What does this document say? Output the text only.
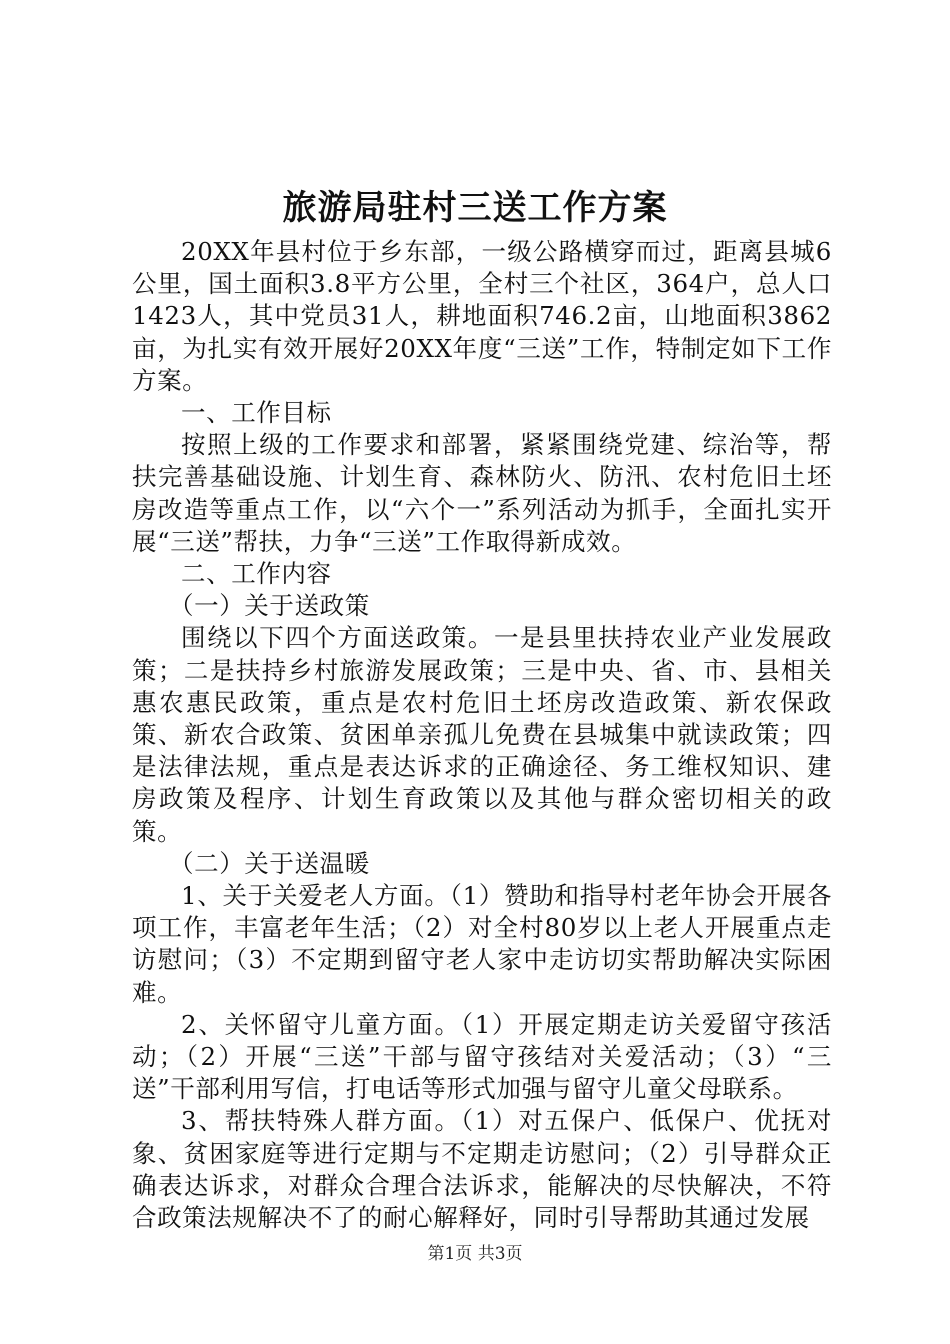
旅游局驻村三送工作方案

20XX年县村位于乡东部，一级公路横穿而过，距离县城6公里，国土面积3.8平方公里，全村三个社区，364户，总人口1423人，其中党员31人，耕地面积746.2亩，山地面积3862亩，为扎实有效开展好20XX年度“三送”工作，特制定如下工作方案。

一、工作目标

按照上级的工作要求和部署，紧紧围绕党建、综治等，帮扶完善基础设施、计划生育、森林防火、防汛、农村危旧土坯房改造等重点工作，以“六个一”系列活动为抓手，全面扎实开展“三送”帮扶，力争“三送”工作取得新成效。

二、工作内容

（一）关于送政策

围绕以下四个方面送政策。一是县里扶持农业产业发展政策；二是扶持乡村旅游发展政策；三是中央、省、市、县相关惠农惠民政策，重点是农村危旧土坯房改造政策、新农保政策、新农合政策、贫困单亲孤儿免费在县城集中就读政策；四是法律法规，重点是表达诉求的正确途径、务工维权知识、建房政策及程序、计划生育政策以及其他与群众密切相关的政策。

（二）关于送温暖

1、关于关爱老人方面。（1）赞助和指导村老年协会开展各项工作，丰富老年生活；（2）对全村80岁以上老人开展重点走访慰问；（3）不定期到留守老人家中走访切实帮助解决实际困难。

2、关怀留守儿童方面。（1）开展定期走访关爱留守孩活动；（2）开展“三送”干部与留守孩结对关爱活动；（3）“三送”干部利用写信，打电话等形式加强与留守儿童父母联系。

3、帮扶特殊人群方面。（1）对五保户、低保户、优抚对象、贫困家庭等进行定期与不定期走访慰问；（2）引导群众正确表达诉求，对群众合理合法诉求，能解决的尽快解决，不符合政策法规解决不了的耐心解释好，同时引导帮助其通过发展

第1页 共3页
